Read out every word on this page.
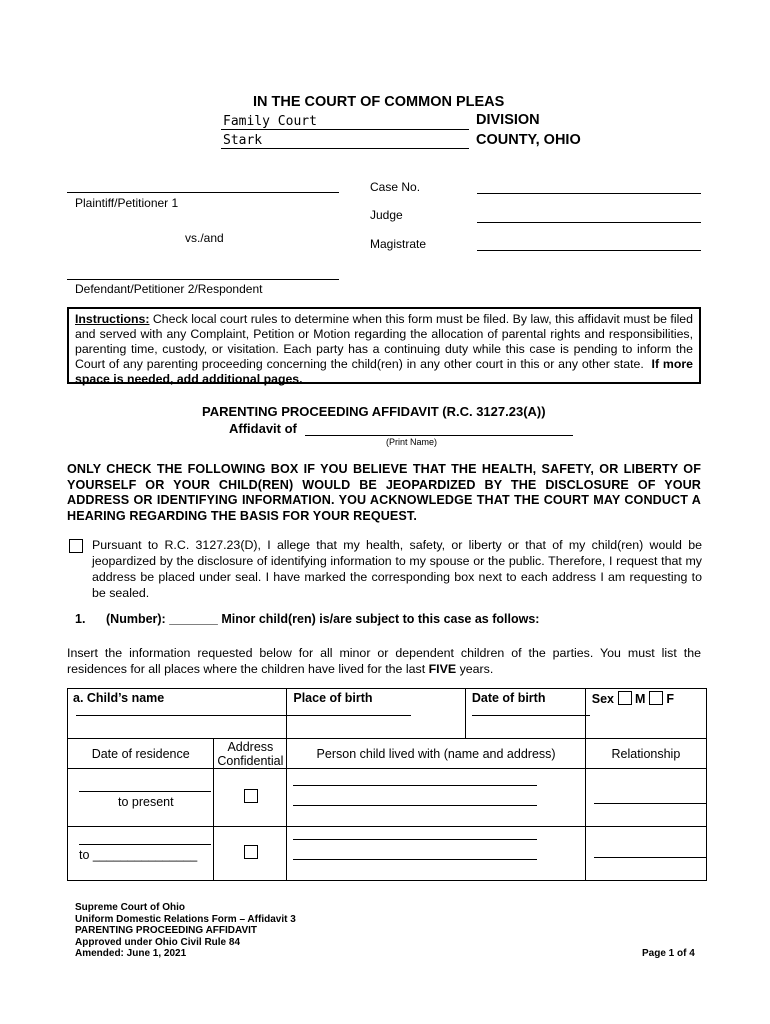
IN THE COURT OF COMMON PLEAS
Family Court	DIVISION
Stark	COUNTY, OHIO
Plaintiff/Petitioner 1
vs./and
Defendant/Petitioner 2/Respondent
Case No.
Judge
Magistrate
Instructions: Check local court rules to determine when this form must be filed. By law, this affidavit must be filed and served with any Complaint, Petition or Motion regarding the allocation of parental rights and responsibilities, parenting time, custody, or visitation. Each party has a continuing duty while this case is pending to inform the Court of any parenting proceeding concerning the child(ren) in any other court in this or any other state. If more space is needed, add additional pages.
PARENTING PROCEEDING AFFIDAVIT (R.C. 3127.23(A))
Affidavit of
(Print Name)
ONLY CHECK THE FOLLOWING BOX IF YOU BELIEVE THAT THE HEALTH, SAFETY, OR LIBERTY OF YOURSELF OR YOUR CHILD(REN) WOULD BE JEOPARDIZED BY THE DISCLOSURE OF YOUR ADDRESS OR IDENTIFYING INFORMATION. YOU ACKNOWLEDGE THAT THE COURT MAY CONDUCT A HEARING REGARDING THE BASIS FOR YOUR REQUEST.
Pursuant to R.C. 3127.23(D), I allege that my health, safety, or liberty or that of my child(ren) would be jeopardized by the disclosure of identifying information to my spouse or the public. Therefore, I request that my address be placed under seal. I have marked the corresponding box next to each address I am requesting to be sealed.
1. (Number): _______ Minor child(ren) is/are subject to this case as follows:
Insert the information requested below for all minor or dependent children of the parties. You must list the residences for all places where the children have lived for the last FIVE years.
a. Child’s name		Place of birth	Date of birth	Sex M F

Date of residence	Address Confidential	Person child lived with (name and address)		Relationship

to present				

to _______________				

Supreme Court of Ohio
Uniform Domestic Relations Form – Affidavit 3
PARENTING PROCEEDING AFFIDAVIT
Approved under Ohio Civil Rule 84
Amended: June 1, 2021	Page 1 of 4
